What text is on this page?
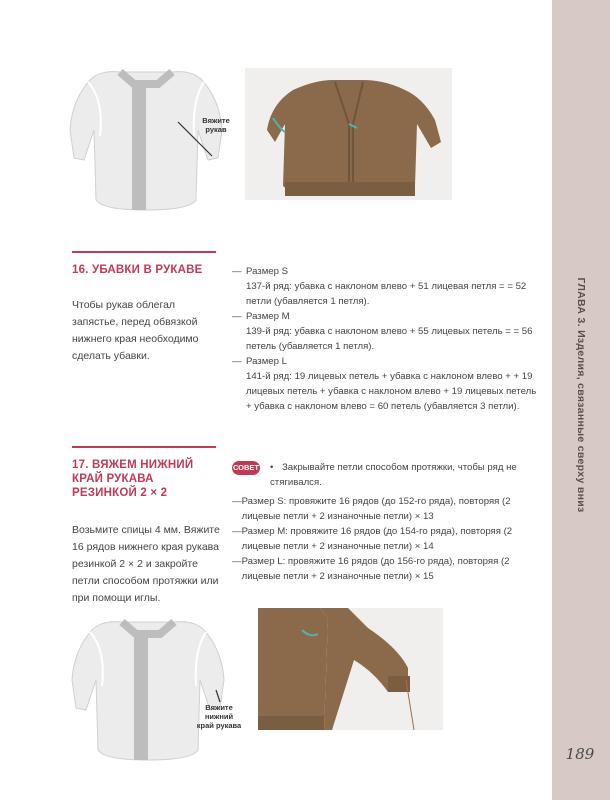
ГЛАВА 3. Изделия, связанные сверху вниз
189
Вяжите рукав
16. УБАВКИ В РУКАВЕ
Чтобы рукав облегал запястье, перед обвязкой нижнего края необходимо сделать убавки.
— Размер S
137-й ряд: убавка с наклоном влево + 51 лицевая петля = = 52 петли (убавляется 1 петля).
— Размер M
139-й ряд: убавка с наклоном влево + 55 лицевых петель = = 56 петель (убавляется 1 петля).
— Размер L
141-й ряд: 19 лицевых петель + убавка с наклоном влево + + 19 лицевых петель + убавка с наклоном влево + 19 лицевых петель + убавка с наклоном влево = 60 петель (убавляется 3 петли).
17. ВЯЖЕМ НИЖНИЙ КРАЙ РУКАВА РЕЗИНКОЙ 2 × 2
Возьмите спицы 4 мм. Вяжите 16 рядов нижнего края рукава резинкой 2 × 2 и закройте петли способом протяжки или при помощи иглы.
СОВЕТ • Закрывайте петли способом протяжки, чтобы ряд не стягивался.
— Размер S: провяжите 16 рядов (до 152-го ряда), повторяя (2 лицевые петли + 2 изнаночные петли) × 13
— Размер M: провяжите 16 рядов (до 154-го ряда), повторяя (2 лицевые петли + 2 изнаночные петли) × 14
— Размер L: провяжите 16 рядов (до 156-го ряда), повторяя (2 лицевые петли + 2 изнаночные петли) × 15
Вяжите нижний край рукава
